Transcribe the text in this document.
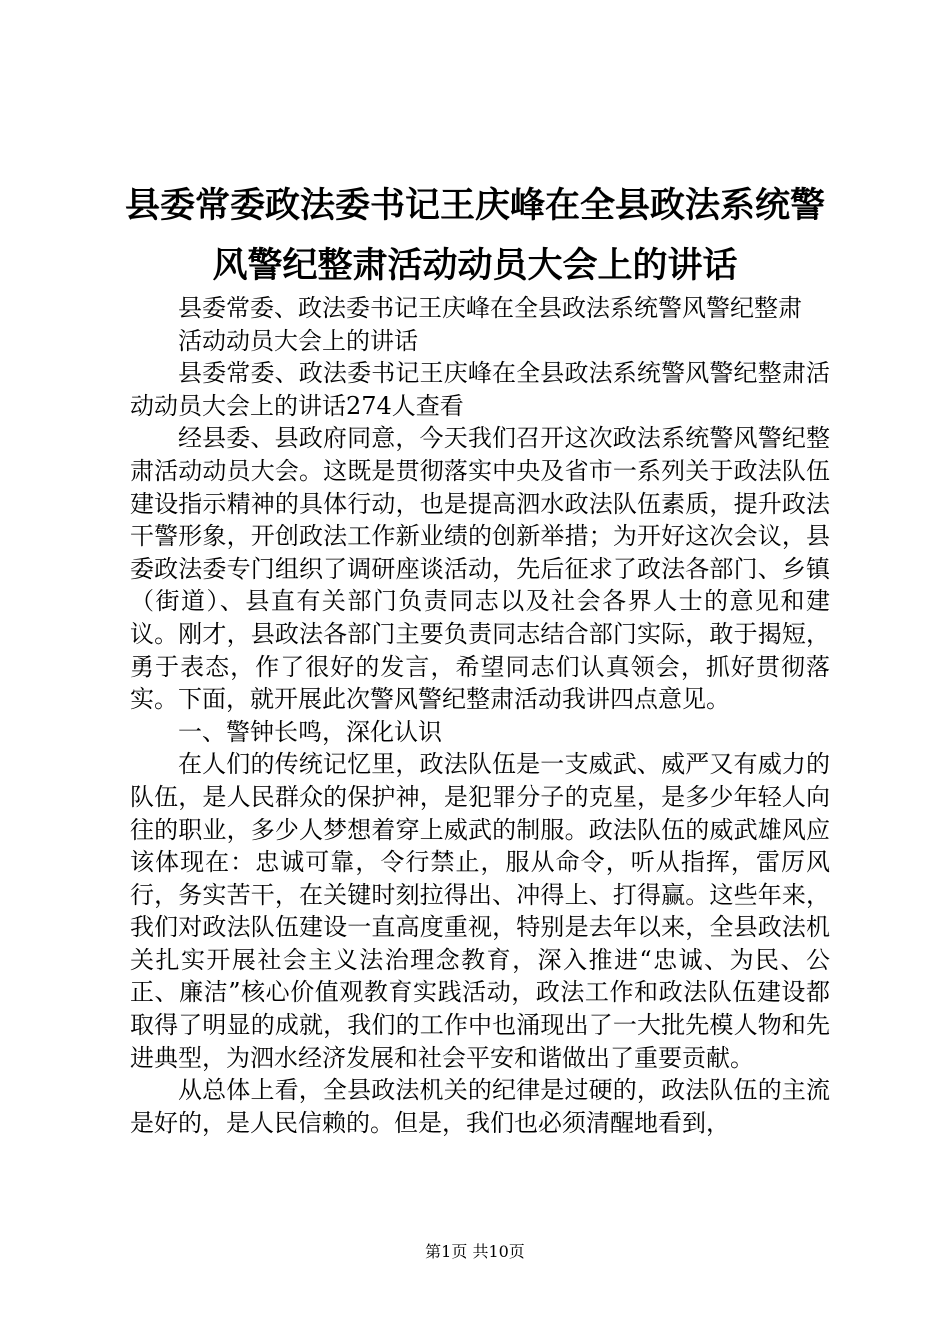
县委常委政法委书记王庆峰在全县政法系统警风警纪整肃活动动员大会上的讲话

县委常委、政法委书记王庆峰在全县政法系统警风警纪整肃

活动动员大会上的讲话

县委常委、政法委书记王庆峰在全县政法系统警风警纪整肃活动动员大会上的讲话274人查看

经县委、县政府同意，今天我们召开这次政法系统警风警纪整肃活动动员大会。这既是贯彻落实中央及省市一系列关于政法队伍建设指示精神的具体行动，也是提高泗水政法队伍素质，提升政法干警形象，开创政法工作新业绩的创新举措；为开好这次会议，县委政法委专门组织了调研座谈活动，先后征求了政法各部门、乡镇（街道）、县直有关部门负责同志以及社会各界人士的意见和建议。刚才，县政法各部门主要负责同志结合部门实际，敢于揭短，勇于表态，作了很好的发言，希望同志们认真领会，抓好贯彻落实。下面，就开展此次警风警纪整肃活动我讲四点意见。

一、警钟长鸣，深化认识

在人们的传统记忆里，政法队伍是一支威武、威严又有威力的队伍，是人民群众的保护神，是犯罪分子的克星，是多少年轻人向往的职业，多少人梦想着穿上威武的制服。政法队伍的威武雄风应该体现在：忠诚可靠，令行禁止，服从命令，听从指挥，雷厉风行，务实苦干，在关键时刻拉得出、冲得上、打得赢。这些年来，我们对政法队伍建设一直高度重视，特别是去年以来，全县政法机关扎实开展社会主义法治理念教育，深入推进“忠诚、为民、公正、廉洁”核心价值观教育实践活动，政法工作和政法队伍建设都取得了明显的成就，我们的工作中也涌现出了一大批先模人物和先进典型，为泗水经济发展和社会平安和谐做出了重要贡献。

从总体上看，全县政法机关的纪律是过硬的，政法队伍的主流是好的，是人民信赖的。但是，我们也必须清醒地看到，

第1页 共10页
